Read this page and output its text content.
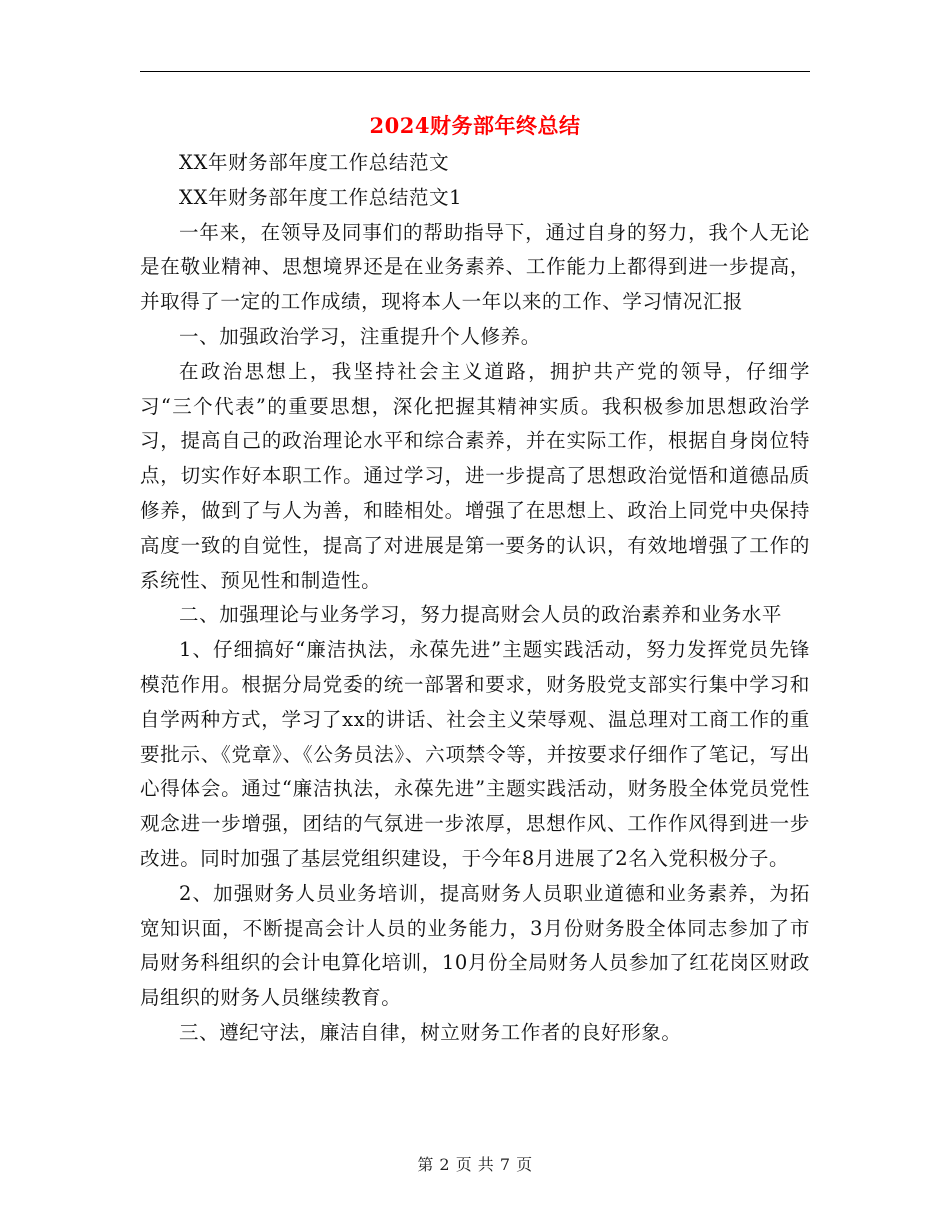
2024财务部年终总结

XX年财务部年度工作总结范文

XX年财务部年度工作总结范文1

一年来，在领导及同事们的帮助指导下，通过自身的努力，我个人无论是在敬业精神、思想境界还是在业务素养、工作能力上都得到进一步提高，并取得了一定的工作成绩，现将本人一年以来的工作、学习情况汇报

一、加强政治学习，注重提升个人修养。

在政治思想上，我坚持社会主义道路，拥护共产党的领导，仔细学习“三个代表”的重要思想，深化把握其精神实质。我积极参加思想政治学习，提高自己的政治理论水平和综合素养，并在实际工作，根据自身岗位特点，切实作好本职工作。通过学习，进一步提高了思想政治觉悟和道德品质修养，做到了与人为善，和睦相处。增强了在思想上、政治上同党中央保持高度一致的自觉性，提高了对进展是第一要务的认识，有效地增强了工作的系统性、预见性和制造性。

二、加强理论与业务学习，努力提高财会人员的政治素养和业务水平

1、仔细搞好“廉洁执法，永葆先进”主题实践活动，努力发挥党员先锋模范作用。根据分局党委的统一部署和要求，财务股党支部实行集中学习和自学两种方式，学习了xx的讲话、社会主义荣辱观、温总理对工商工作的重要批示、《党章》、《公务员法》、六项禁令等，并按要求仔细作了笔记，写出心得体会。通过“廉洁执法，永葆先进”主题实践活动，财务股全体党员党性观念进一步增强，团结的气氛进一步浓厚，思想作风、工作作风得到进一步改进。同时加强了基层党组织建设，于今年8月进展了2名入党积极分子。

2、加强财务人员业务培训，提高财务人员职业道德和业务素养，为拓宽知识面，不断提高会计人员的业务能力，3月份财务股全体同志参加了市局财务科组织的会计电算化培训，10月份全局财务人员参加了红花岗区财政局组织的财务人员继续教育。

三、遵纪守法，廉洁自律，树立财务工作者的良好形象。

第 2 页 共 7 页
